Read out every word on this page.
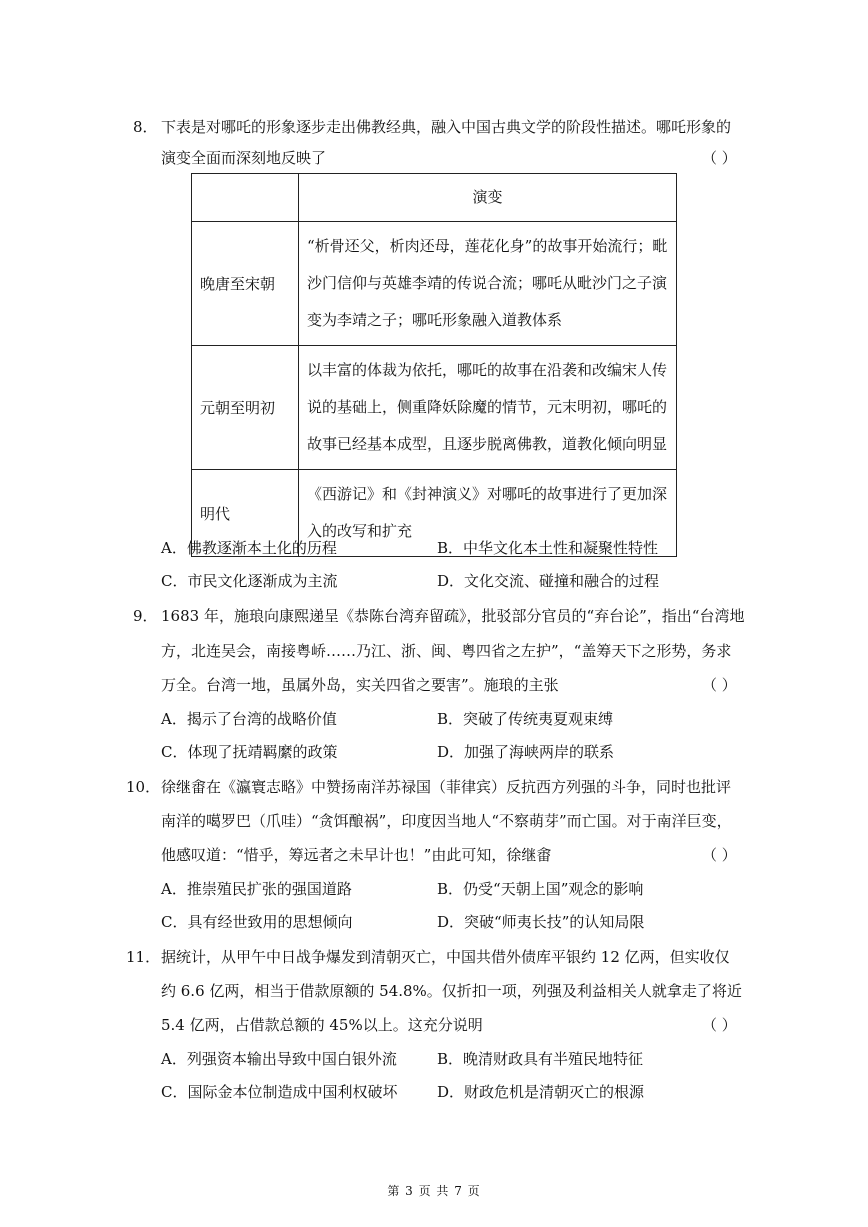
8． 下表是对哪吒的形象逐步走出佛教经典，融入中国古典文学的阶段性描述。哪吒形象的
演变全面而深刻地反映了	（ ）
	演变
晚唐至宋朝	“析骨还父，析肉还母，莲花化身”的故事开始流行；毗
沙门信仰与英雄李靖的传说合流；哪吒从毗沙门之子演
变为李靖之子；哪吒形象融入道教体系

元朝至明初	以丰富的体裁为依托，哪吒的故事在沿袭和改编宋人传
说的基础上，侧重降妖除魔的情节，元末明初，哪吒的
故事已经基本成型，且逐步脱离佛教，道教化倾向明显

明代	《西游记》和《封神演义》对哪吒的故事进行了更加深
入的改写和扩充
A．佛教逐渐本土化的历程	B．中华文化本土性和凝聚性特性
C．市民文化逐渐成为主流	D．文化交流、碰撞和融合的过程
9． 1683 年，施琅向康熙递呈《恭陈台湾弃留疏》，批驳部分官员的“弃台论”，指出“台湾地
方，北连吴会，南接粤峤……乃江、浙、闽、粤四省之左护”，“盖筹天下之形势，务求
万全。台湾一地，虽属外岛，实关四省之要害”。施琅的主张	（ ）
A．揭示了台湾的战略价值	B．突破了传统夷夏观束缚
C．体现了抚靖羁縻的政策	D．加强了海峡两岸的联系
10． 徐继畬在《瀛寰志略》中赞扬南洋苏禄国（菲律宾）反抗西方列强的斗争，同时也批评
南洋的噶罗巴（爪哇）“贪饵酿祸”，印度因当地人“不察萌芽”而亡国。对于南洋巨变，
他感叹道：“惜乎，筹远者之未早计也！”由此可知，徐继畬	（ ）
A．推崇殖民扩张的强国道路	B．仍受“天朝上国”观念的影响
C．具有经世致用的思想倾向	D．突破“师夷长技”的认知局限
11． 据统计，从甲午中日战争爆发到清朝灭亡，中国共借外债库平银约 12 亿两，但实收仅
约 6.6 亿两，相当于借款原额的 54.8%。仅折扣一项，列强及利益相关人就拿走了将近
5.4 亿两，占借款总额的 45%以上。这充分说明	（ ）
A．列强资本输出导致中国白银外流	B．晚清财政具有半殖民地特征
C．国际金本位制造成中国利权破坏	D．财政危机是清朝灭亡的根源
第 3 页 共 7 页
